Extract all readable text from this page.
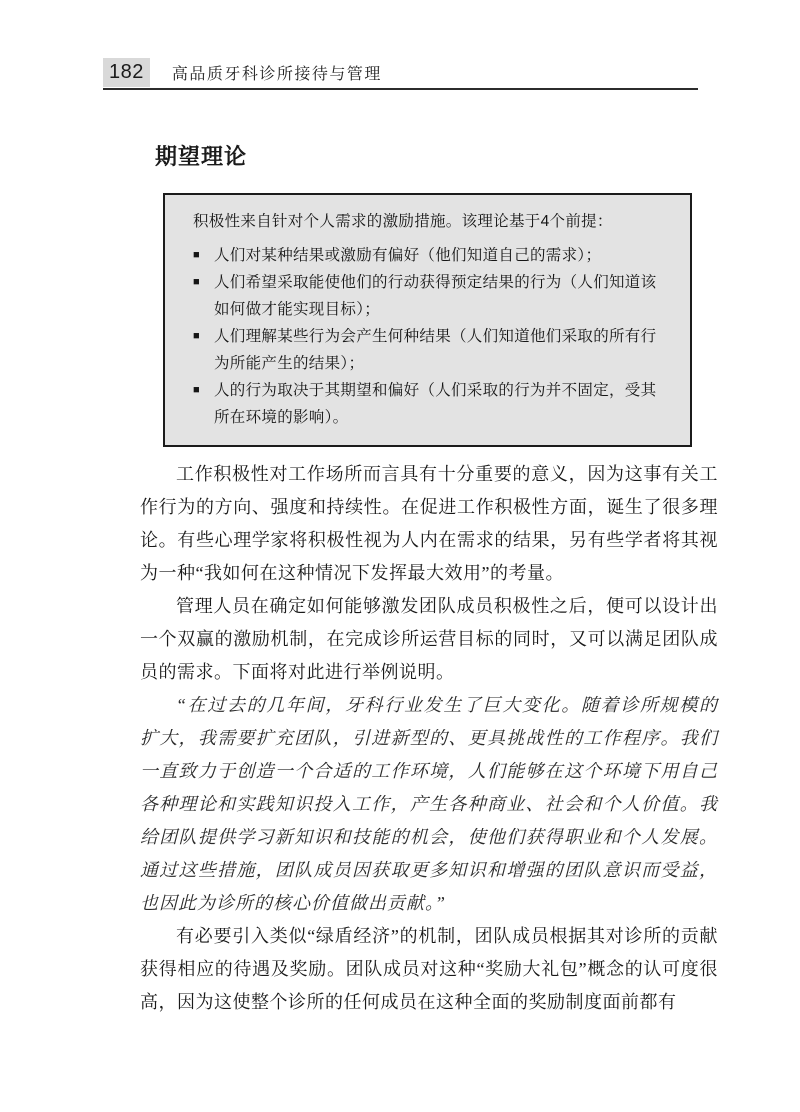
182	高品质牙科诊所接待与管理
期望理论

积极性来自针对个人需求的激励措施。该理论基于4个前提：

■ 人们对某种结果或激励有偏好（他们知道自己的需求）；
■ 人们希望采取能使他们的行动获得预定结果的行为（人们知道该如何做才能实现目标）；
■ 人们理解某些行为会产生何种结果（人们知道他们采取的所有行为所能产生的结果）；
■ 人的行为取决于其期望和偏好（人们采取的行为并不固定，受其所在环境的影响）。

工作积极性对工作场所而言具有十分重要的意义，因为这事有关工作行为的方向、强度和持续性。在促进工作积极性方面，诞生了很多理论。有些心理学家将积极性视为人内在需求的结果，另有些学者将其视为一种“我如何在这种情况下发挥最大效用”的考量。

管理人员在确定如何能够激发团队成员积极性之后，便可以设计出一个双赢的激励机制，在完成诊所运营目标的同时，又可以满足团队成员的需求。下面将对此进行举例说明。

“在过去的几年间，牙科行业发生了巨大变化。随着诊所规模的扩大，我需要扩充团队，引进新型的、更具挑战性的工作程序。我们一直致力于创造一个合适的工作环境，人们能够在这个环境下用自己各种理论和实践知识投入工作，产生各种商业、社会和个人价值。我给团队提供学习新知识和技能的机会，使他们获得职业和个人发展。通过这些措施，团队成员因获取更多知识和增强的团队意识而受益，也因此为诊所的核心价值做出贡献。”

有必要引入类似“绿盾经济”的机制，团队成员根据其对诊所的贡献获得相应的待遇及奖励。团队成员对这种“奖励大礼包”概念的认可度很高，因为这使整个诊所的任何成员在这种全面的奖励制度面前都有
